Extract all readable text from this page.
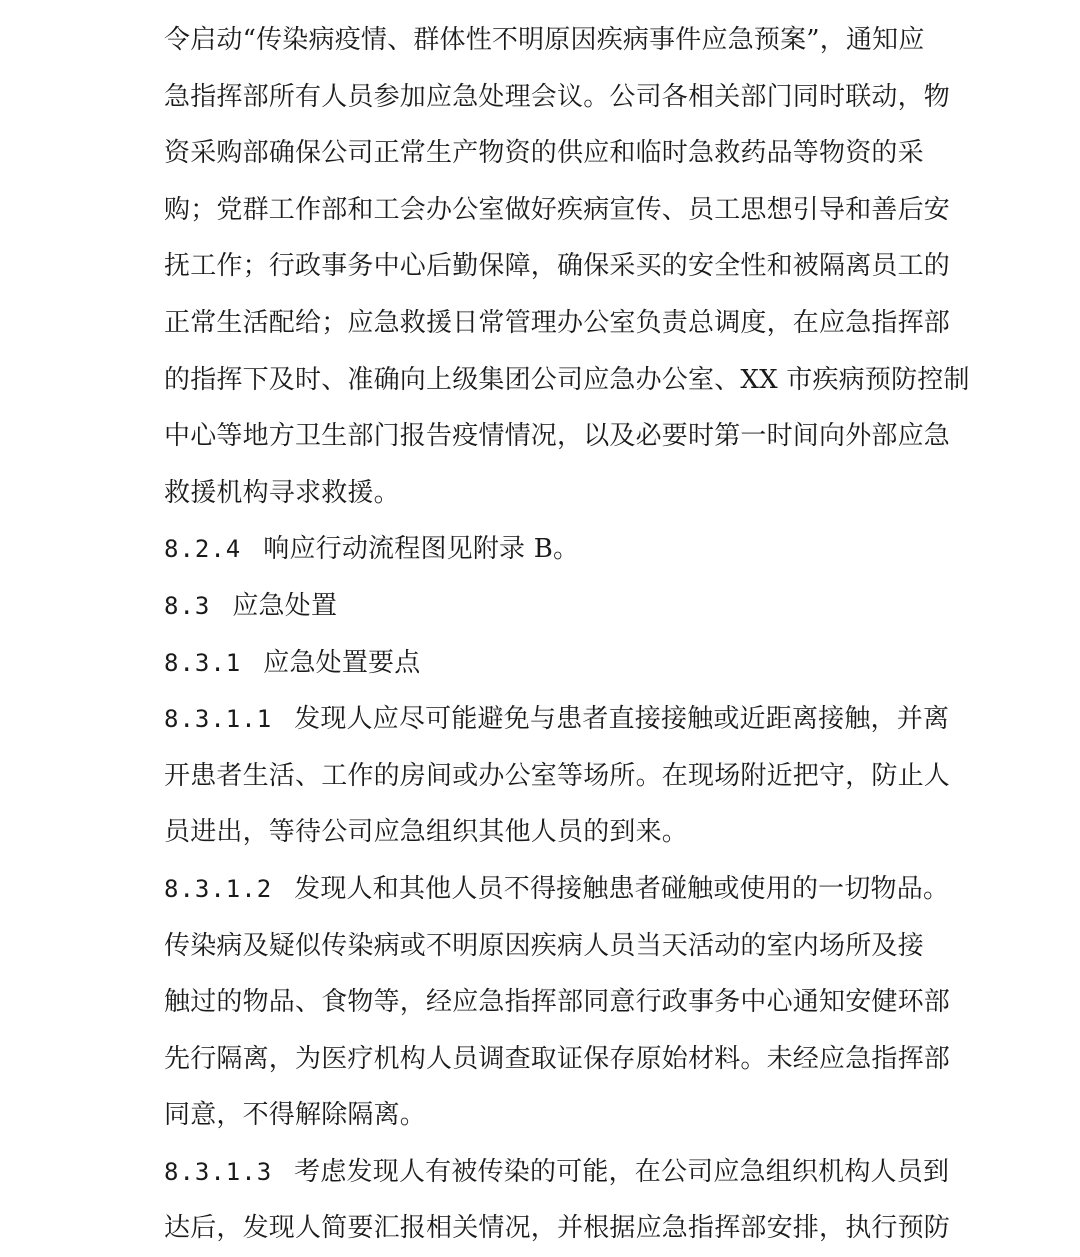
令启动“传染病疫情、群体性不明原因疾病事件应急预案”，通知应
急指挥部所有人员参加应急处理会议。公司各相关部门同时联动，物
资采购部确保公司正常生产物资的供应和临时急救药品等物资的采
购；党群工作部和工会办公室做好疾病宣传、员工思想引导和善后安
抚工作；行政事务中心后勤保障，确保采买的安全性和被隔离员工的
正常生活配给；应急救援日常管理办公室负责总调度，在应急指挥部
的指挥下及时、准确向上级集团公司应急办公室、XX 市疾病预防控制
中心等地方卫生部门报告疫情情况，以及必要时第一时间向外部应急
救援机构寻求救援。
8.2.4 响应行动流程图见附录 B。
8.3 应急处置
8.3.1 应急处置要点
8.3.1.1 发现人应尽可能避免与患者直接接触或近距离接触，并离
开患者生活、工作的房间或办公室等场所。在现场附近把守，防止人
员进出，等待公司应急组织其他人员的到来。
8.3.1.2 发现人和其他人员不得接触患者碰触或使用的一切物品。
传染病及疑似传染病或不明原因疾病人员当天活动的室内场所及接
触过的物品、食物等，经应急指挥部同意行政事务中心通知安健环部
先行隔离，为医疗机构人员调查取证保存原始材料。未经应急指挥部
同意，不得解除隔离。
8.3.1.3 考虑发现人有被传染的可能，在公司应急组织机构人员到
达后，发现人简要汇报相关情况，并根据应急指挥部安排，执行预防
